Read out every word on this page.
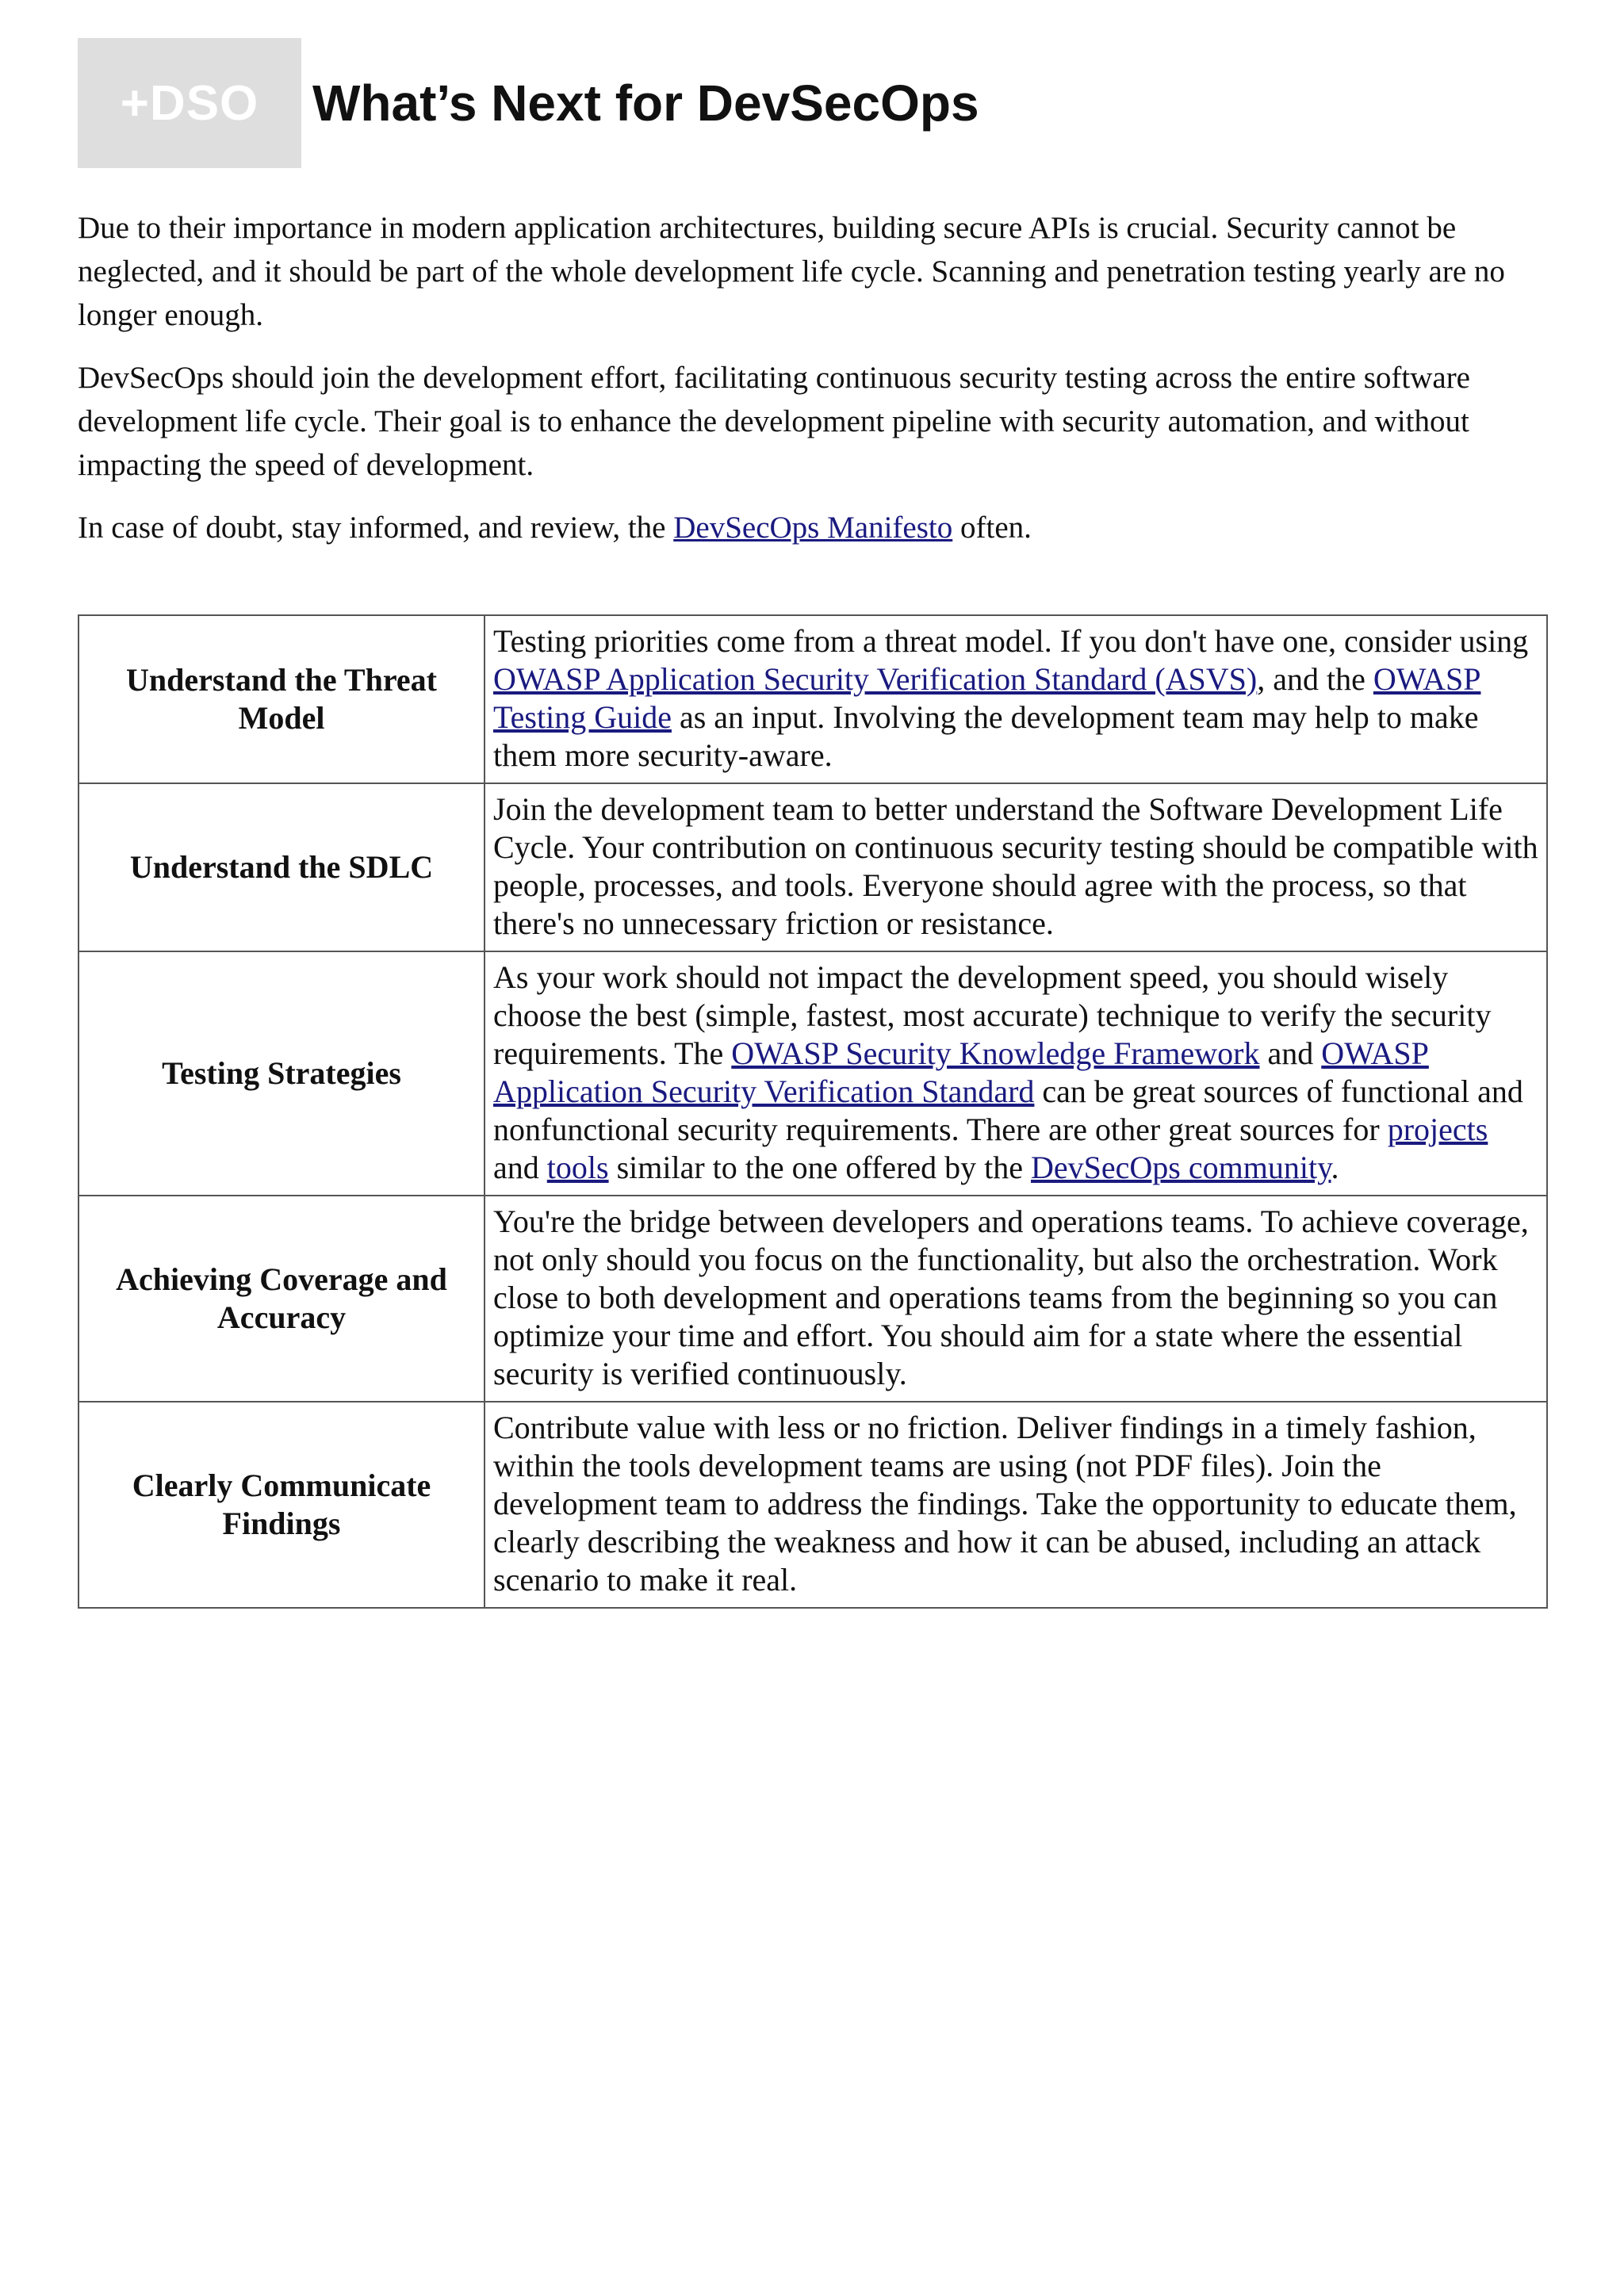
+DSO	What’s Next for DevSecOps

Due to their importance in modern application architectures, building secure APIs is crucial. Security cannot be neglected, and it should be part of the whole development life cycle. Scanning and penetration testing yearly are no longer enough.

DevSecOps should join the development effort, facilitating continuous security testing across the entire software development life cycle. Their goal is to enhance the development pipeline with security automation, and without impacting the speed of development.

In case of doubt, stay informed, and review, the DevSecOps Manifesto often.

Understand the Threat Model	Testing priorities come from a threat model. If you don't have one, consider using OWASP Application Security Verification Standard (ASVS), and the OWASP Testing Guide as an input. Involving the development team may help to make them more security-aware.
Understand the SDLC	Join the development team to better understand the Software Development Life Cycle. Your contribution on continuous security testing should be compatible with people, processes, and tools. Everyone should agree with the process, so that there's no unnecessary friction or resistance.
Testing Strategies	As your work should not impact the development speed, you should wisely choose the best (simple, fastest, most accurate) technique to verify the security requirements. The OWASP Security Knowledge Framework and OWASP Application Security Verification Standard can be great sources of functional and nonfunctional security requirements. There are other great sources for projects and tools similar to the one offered by the DevSecOps community.
Achieving Coverage and Accuracy	You're the bridge between developers and operations teams. To achieve coverage, not only should you focus on the functionality, but also the orchestration. Work close to both development and operations teams from the beginning so you can optimize your time and effort. You should aim for a state where the essential security is verified continuously.
Clearly Communicate Findings	Contribute value with less or no friction. Deliver findings in a timely fashion, within the tools development teams are using (not PDF files). Join the development team to address the findings. Take the opportunity to educate them, clearly describing the weakness and how it can be abused, including an attack scenario to make it real.
